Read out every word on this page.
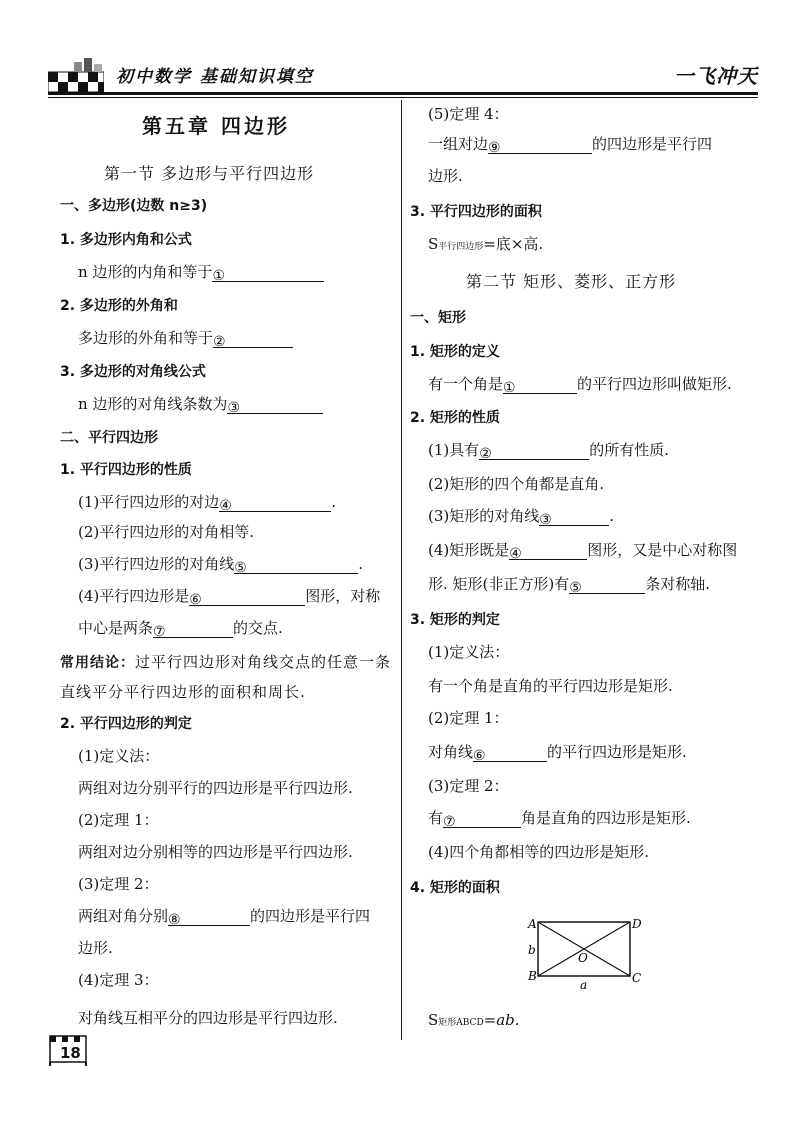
初中数学 基础知识填空	一飞冲天
第五章 四边形
第一节 多边形与平行四边形
一、多边形(边数 n≥3)
1. 多边形内角和公式
n 边形的内角和等于①
2. 多边形的外角和
多边形的外角和等于②
3. 多边形的对角线公式
n 边形的对角线条数为③
二、平行四边形
1. 平行四边形的性质
(1)平行四边形的对边④	.
(2)平行四边形的对角相等.
(3)平行四边形的对角线⑤	.
(4)平行四边形是⑥	图形，对称
中心是两条⑦	的交点.
常用结论：过平行四边形对角线交点的任意一条
直线平分平行四边形的面积和周长.
2. 平行四边形的判定
(1)定义法：
两组对边分别平行的四边形是平行四边形.
(2)定理 1：
两组对边分别相等的四边形是平行四边形.
(3)定理 2：
两组对角分别⑧	的四边形是平行四
边形.
(4)定理 3：
对角线互相平分的四边形是平行四边形.
(5)定理 4：
一组对边⑨	的四边形是平行四
边形.
3. 平行四边形的面积
S平行四边形=底×高.
第二节 矩形、菱形、正方形
一、矩形
1. 矩形的定义
有一个角是①	的平行四边形叫做矩形.
2. 矩形的性质
(1)具有②	的所有性质.
(2)矩形的四个角都是直角.
(3)矩形的对角线③	.
(4)矩形既是④	图形，又是中心对称图
形. 矩形(非正方形)有⑤	条对称轴.
3. 矩形的判定
(1)定义法：
有一个角是直角的平行四边形是矩形.
(2)定理 1：
对角线⑥	的平行四边形是矩形.
(3)定理 2：
有⑦	角是直角的四边形是矩形.
(4)四个角都相等的四边形是矩形.
4. 矩形的面积
A	D
B	C
O
b
a
S矩形ABCD=ab.
18
